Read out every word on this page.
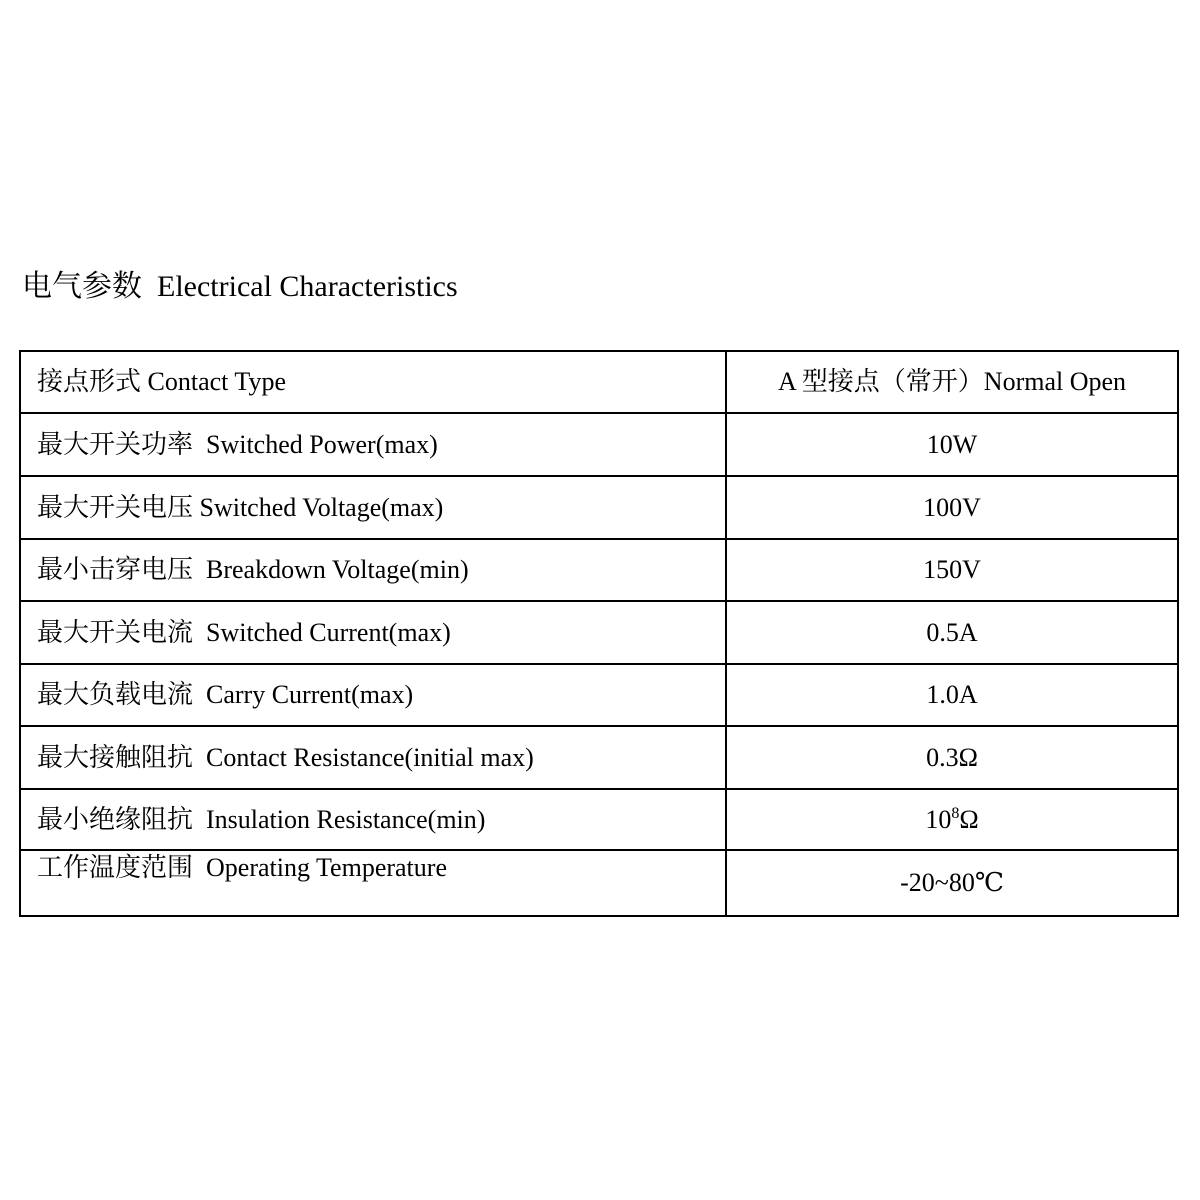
电气参数  Electrical Characteristics
接点形式 Contact Type	A 型接点（常开）Normal Open
最大开关功率  Switched Power(max)	10W
最大开关电压 Switched Voltage(max)	100V
最小击穿电压  Breakdown Voltage(min)	150V
最大开关电流  Switched Current(max)	0.5A
最大负载电流  Carry Current(max)	1.0A
最大接触阻抗  Contact Resistance(initial max)	0.3Ω
最小绝缘阻抗  Insulation Resistance(min)	$10^8\Omega$
工作温度范围  Operating Temperature	-20~80℃
